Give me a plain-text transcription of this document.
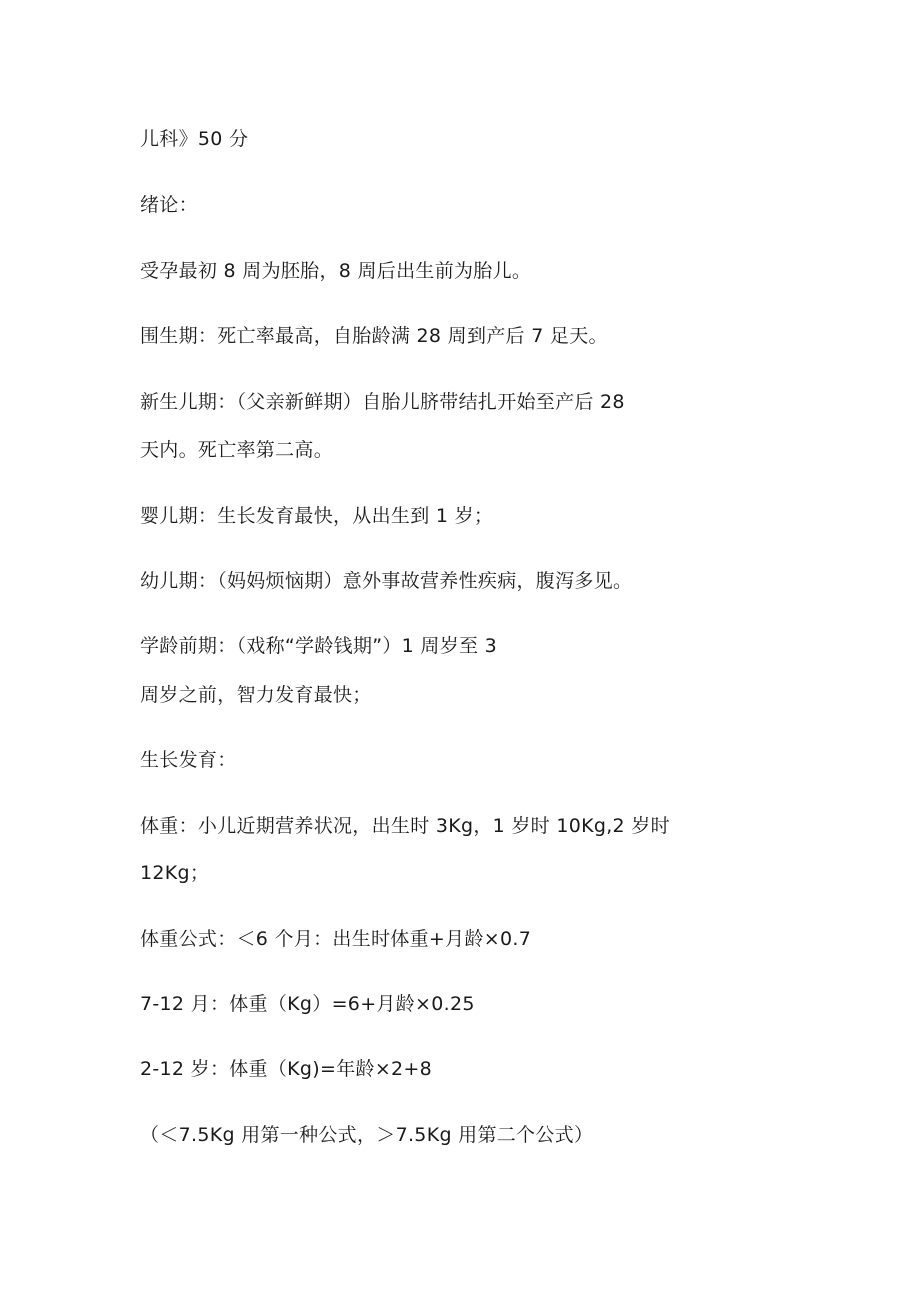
儿科》50 分
绪论：
受孕最初 8 周为胚胎，8 周后出生前为胎儿。
围生期：死亡率最高，自胎龄满 28 周到产后 7 足天。
新生儿期：（父亲新鲜期）自胎儿脐带结扎开始至产后 28
天内。死亡率第二高。
婴儿期：生长发育最快，从出生到 1 岁；
幼儿期：（妈妈烦恼期）意外事故营养性疾病，腹泻多见。
学龄前期：（戏称“学龄钱期”）1 周岁至 3
周岁之前，智力发育最快；
生长发育：
体重：小儿近期营养状况，出生时 3Kg，1 岁时 10Kg,2 岁时
12Kg；
体重公式：＜6 个月：出生时体重+月龄×0.7
7-12 月：体重（Kg）=6+月龄×0.25
2-12 岁：体重（Kg)=年龄×2+8
（＜7.5Kg 用第一种公式，＞7.5Kg 用第二个公式）
